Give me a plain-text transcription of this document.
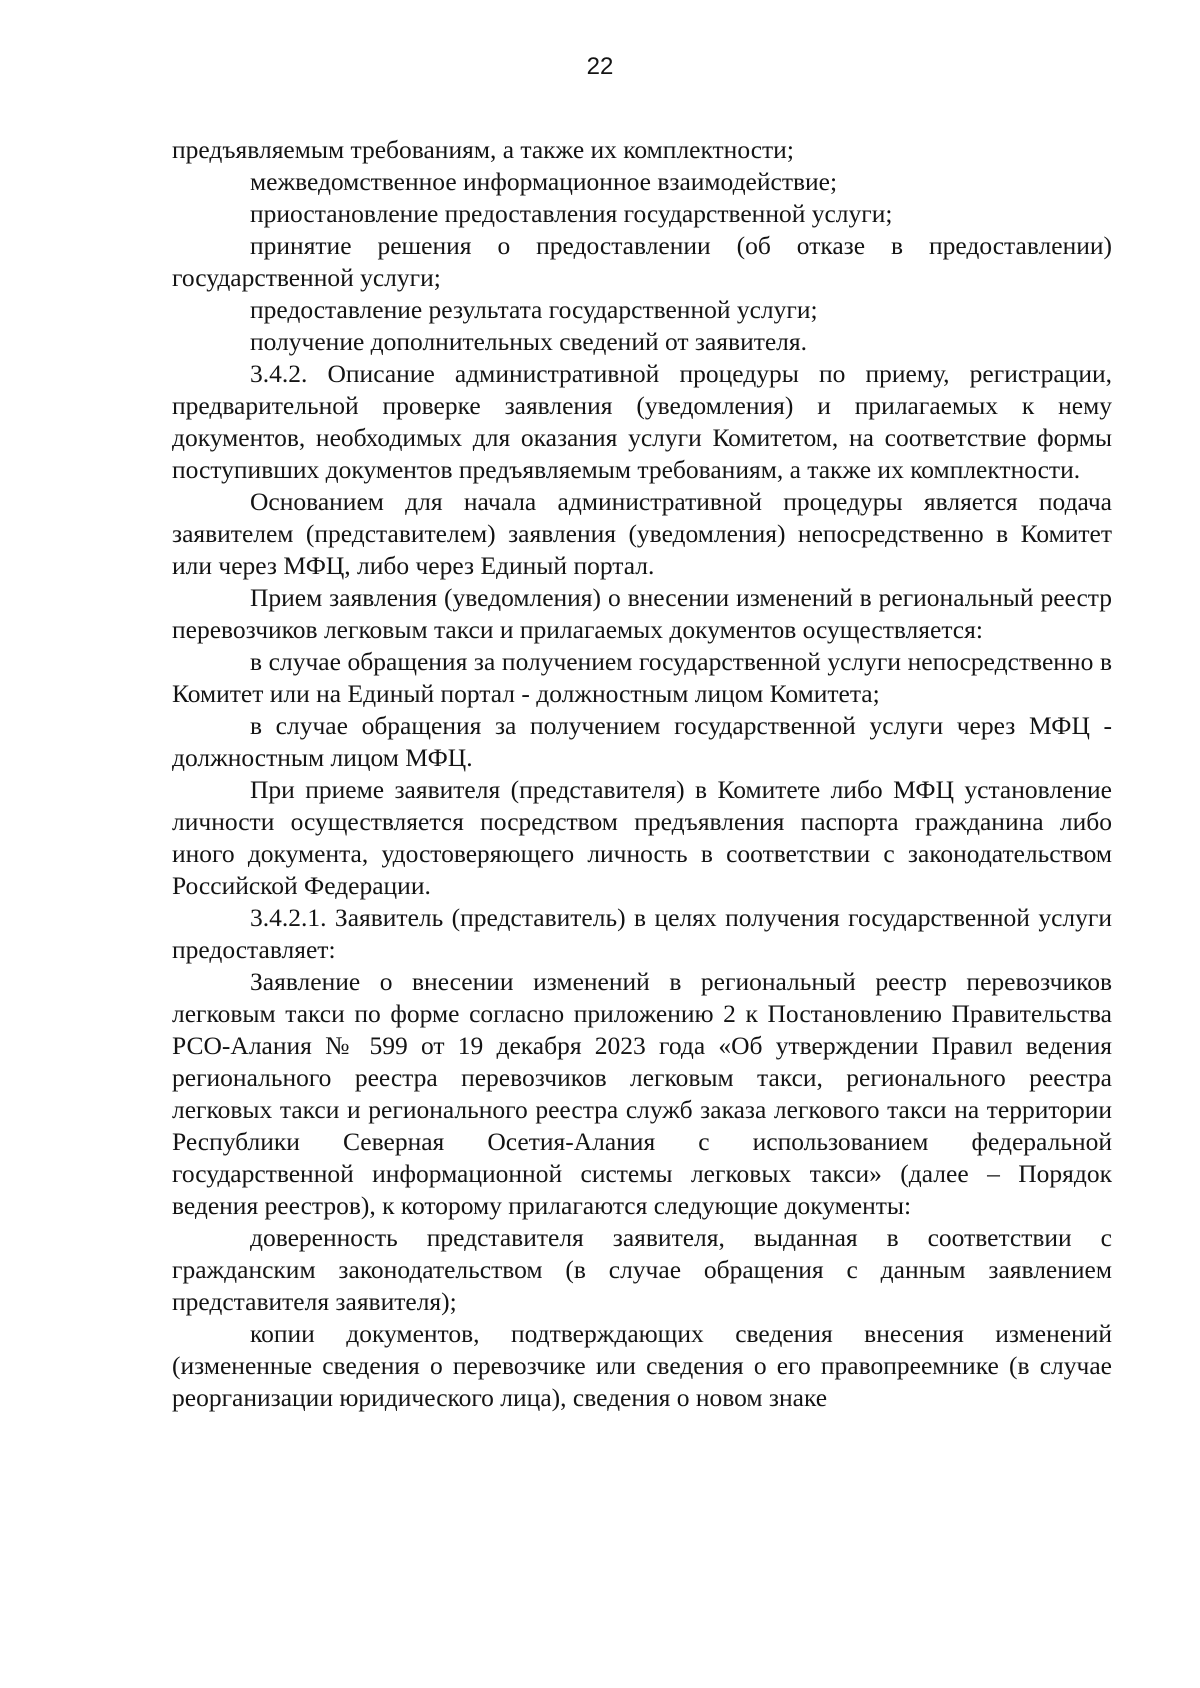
22

предъявляемым требованиям, а также их комплектности;

межведомственное информационное взаимодействие;

приостановление предоставления государственной услуги;

принятие решения о предоставлении (об отказе в предоставлении) государственной услуги;

предоставление результата государственной услуги;

получение дополнительных сведений от заявителя.

3.4.2. Описание административной процедуры по приему, регистрации, предварительной проверке заявления (уведомления) и прилагаемых к нему документов, необходимых для оказания услуги Комитетом, на соответствие формы поступивших документов предъявляемым требованиям, а также их комплектности.

Основанием для начала административной процедуры является подача заявителем (представителем) заявления (уведомления) непосредственно в Комитет или через МФЦ, либо через Единый портал.

Прием заявления (уведомления) о внесении изменений в региональный реестр перевозчиков легковым такси и прилагаемых документов осуществляется:

в случае обращения за получением государственной услуги непосредственно в Комитет или на Единый портал - должностным лицом Комитета;

в случае обращения за получением государственной услуги через МФЦ - должностным лицом МФЦ.

При приеме заявителя (представителя) в Комитете либо МФЦ установление личности осуществляется посредством предъявления паспорта гражданина либо иного документа, удостоверяющего личность в соответствии с законодательством Российской Федерации.

3.4.2.1. Заявитель (представитель) в целях получения государственной услуги предоставляет:

Заявление о внесении изменений в региональный реестр перевозчиков легковым такси по форме согласно приложению 2 к Постановлению Правительства РСО-Алания № 599 от 19 декабря 2023 года «Об утверждении Правил ведения регионального реестра перевозчиков легковым такси, регионального реестра легковых такси и регионального реестра служб заказа легкового такси на территории Республики Северная Осетия-Алания с использованием федеральной государственной информационной системы легковых такси» (далее – Порядок ведения реестров), к которому прилагаются следующие документы:

доверенность представителя заявителя, выданная в соответствии с гражданским законодательством (в случае обращения с данным заявлением представителя заявителя);

копии документов, подтверждающих сведения внесения изменений (измененные сведения о перевозчике или сведения о его правопреемнике (в случае реорганизации юридического лица), сведения о новом знаке
